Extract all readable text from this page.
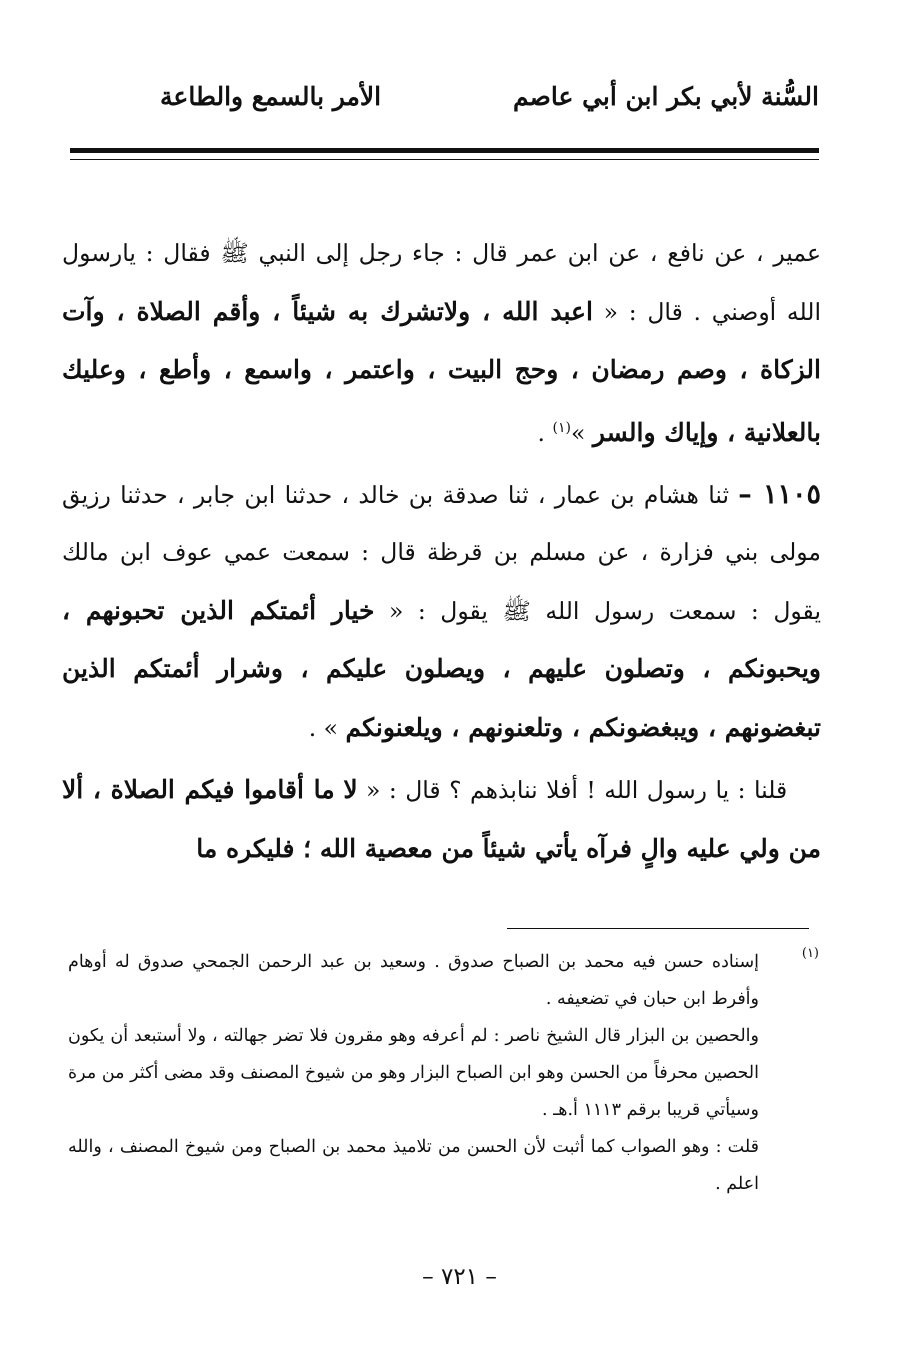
السُّنة لأبي بكر ابن أبي عاصم
الأمر بالسمع والطاعة

عمير ، عن نافع ، عن ابن عمر قال : جاء رجل إلى النبي ﷺ فقال : يارسول الله أوصني . قال : « اعبد الله ، ولاتشرك به شيئاً ، وأقم الصلاة ، وآت الزكاة ، وصم رمضان ، وحج البيت ، واعتمر ، واسمع ، وأطع ، وعليك بالعلانية ، وإياك والسر »$^{(١)}$ .

١١٠٥ – ثنا هشام بن عمار ، ثنا صدقة بن خالد ، حدثنا ابن جابر ، حدثنا رزيق مولى بني فزارة ، عن مسلم بن قرظة قال : سمعت عمي عوف ابن مالك يقول : سمعت رسول الله ﷺ يقول : « خيار أئمتكم الذين تحبونهم ، ويحبونكم ، وتصلون عليهم ، ويصلون عليكم ، وشرار أئمتكم الذين تبغضونهم ، ويبغضونكم ، وتلعنونهم ، ويلعنونكم » .

قلنا : يا رسول الله ! أفلا ننابذهم ؟ قال : « لا ما أقاموا فيكم الصلاة ، ألا من ولي عليه والٍ فرآه يأتي شيئاً من معصية الله ؛ فليكره ما

(١)

إسناده حسن فيه محمد بن الصباح صدوق . وسعيد بن عبد الرحمن الجمحي صدوق له أوهام وأفرط ابن حبان في تضعيفه .

والحصين بن البزار قال الشيخ ناصر : لم أعرفه وهو مقرون فلا تضر جهالته ، ولا أستبعد أن يكون الحصين محرفاً من الحسن وهو ابن الصباح البزار وهو من شيوخ المصنف وقد مضى أكثر من مرة وسيأتي قريبا برقم ١١١٣ أ.هـ .

قلت : وهو الصواب كما أثبت لأن الحسن من تلاميذ محمد بن الصباح ومن شيوخ المصنف ، والله اعلم .

– ٧٢١ –
